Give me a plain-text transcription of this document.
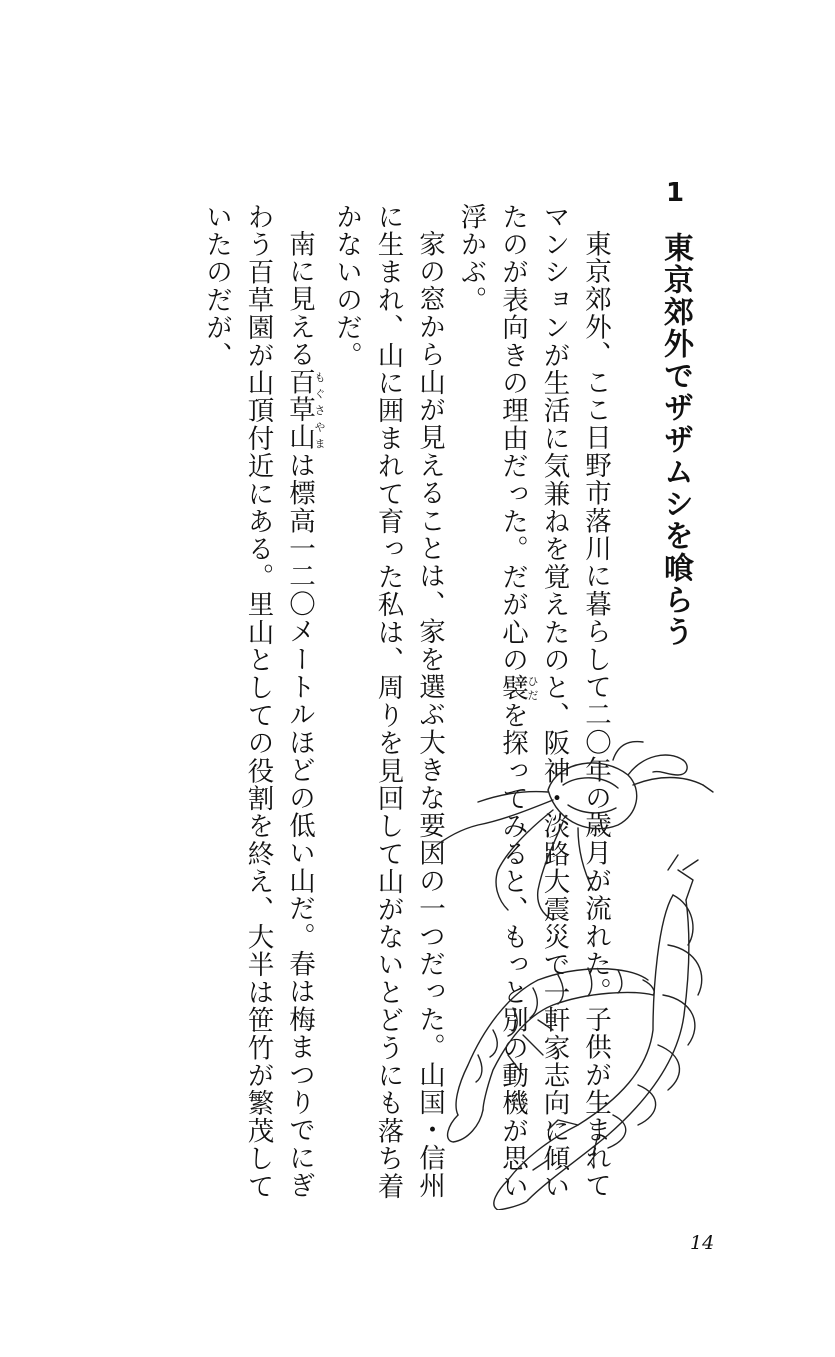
1東京郊外でザザムシを喰らう

東京郊外、ここ日野市落川に暮らして二〇年の歳月が流れた。子供が生まれてマンションが生活に気兼ねを覚えたのと、阪神・淡路大震災で一軒家志向に傾いたのが表向きの理由だった。だが心の襞ひだを探ってみると、もっと別の動機が思い浮かぶ。

家の窓から山が見えることは、家を選ぶ大きな要因の一つだった。山国・信州に生まれ、山に囲まれて育った私は、周りを見回して山がないとどうにも落ち着かないのだ。

南に見える百草山もぐさやまは標高一二〇メートルほどの低い山だ。春は梅まつりでにぎわう百草園が山頂付近にある。里山としての役割を終え、大半は笹竹が繁茂していたのだが、

14
